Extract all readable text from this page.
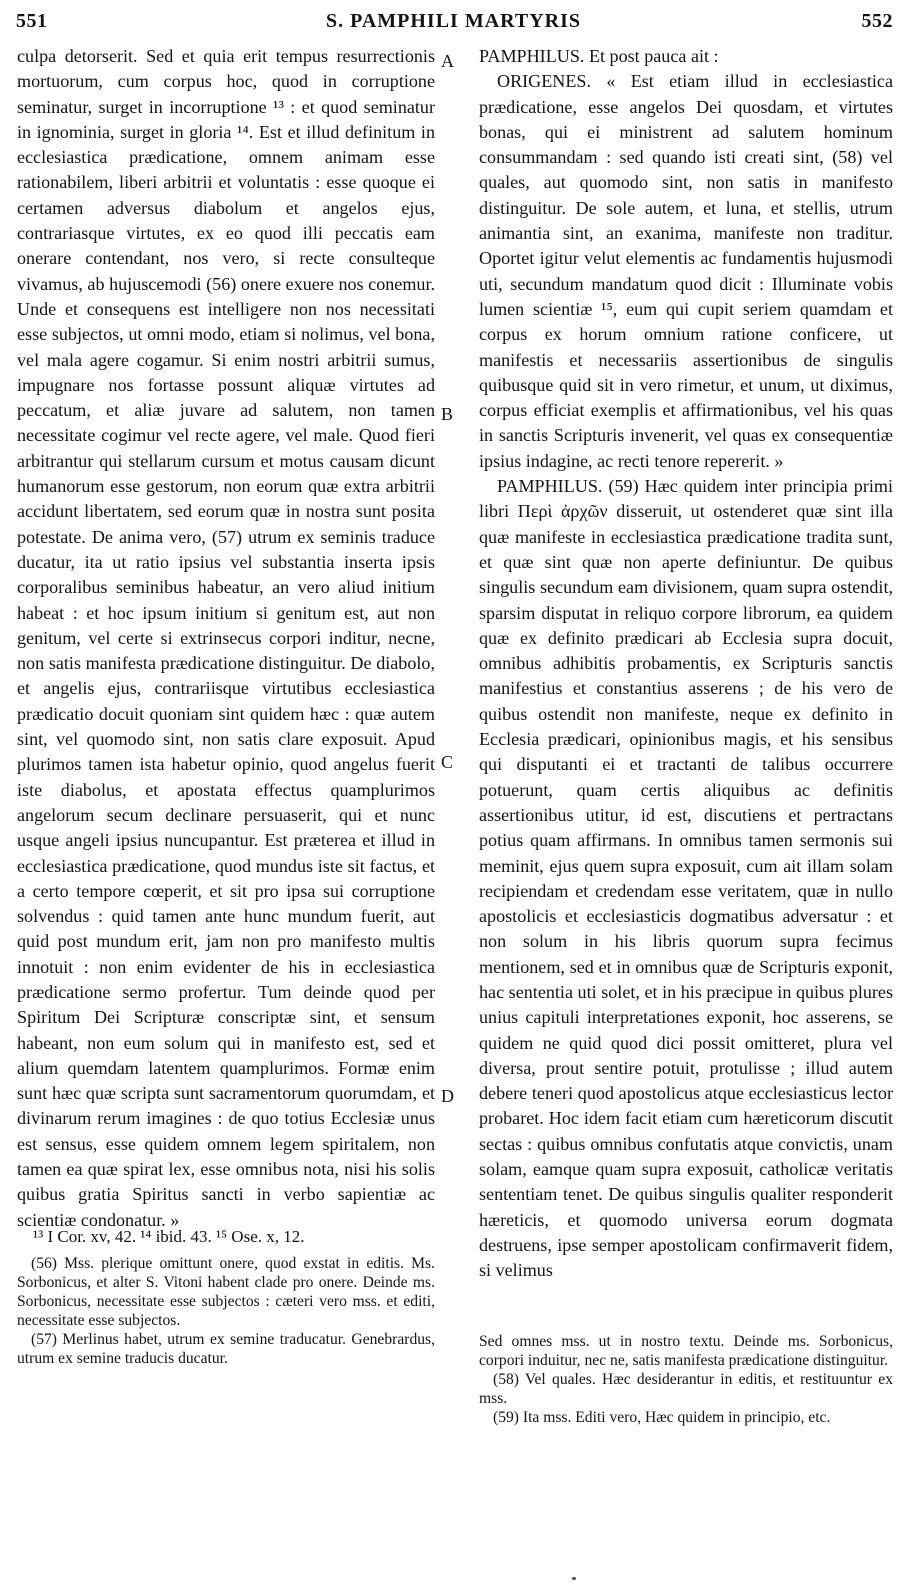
551	S. PAMPHILI MARTYRIS	552

culpa detorserit. Sed et quia erit tempus resurrectionis mortuorum, cum corpus hoc, quod in corruptione seminatur, surget in incorruptione ¹³ : et quod seminatur in ignominia, surget in gloria ¹⁴. Est et illud definitum in ecclesiastica prædicatione, omnem animam esse rationabilem, liberi arbitrii et voluntatis : esse quoque ei certamen adversus diabolum et angelos ejus, contrariasque virtutes, ex eo quod illi peccatis eam onerare contendant, nos vero, si recte consulteque vivamus, ab hujuscemodi (56) onere exuere nos conemur. Unde et consequens est intelligere non nos necessitati esse subjectos, ut omni modo, etiam si nolimus, vel bona, vel mala agere cogamur. Si enim nostri arbitrii sumus, impugnare nos fortasse possunt aliquæ virtutes ad peccatum, et aliæ juvare ad salutem, non tamen necessitate cogimur vel recte agere, vel male. Quod fieri arbitrantur qui stellarum cursum et motus causam dicunt humanorum esse gestorum, non eorum quæ extra arbitrii accidunt libertatem, sed eorum quæ in nostra sunt posita potestate. De anima vero, (57) utrum ex seminis traduce ducatur, ita ut ratio ipsius vel substantia inserta ipsis corporalibus seminibus habeatur, an vero aliud initium habeat : et hoc ipsum initium si genitum est, aut non genitum, vel certe si extrinsecus corpori inditur, necne, non satis manifesta prædicatione distinguitur. De diabolo, et angelis ejus, contrariisque virtutibus ecclesiastica prædicatio docuit quoniam sint quidem hæc : quæ autem sint, vel quomodo sint, non satis clare exposuit. Apud plurimos tamen ista habetur opinio, quod angelus fuerit iste diabolus, et apostata effectus quamplurimos angelorum secum declinare persuaserit, qui et nunc usque angeli ipsius nuncupantur. Est præterea et illud in ecclesiastica prædicatione, quod mundus iste sit factus, et a certo tempore cœperit, et sit pro ipsa sui corruptione solvendus : quid tamen ante hunc mundum fuerit, aut quid post mundum erit, jam non pro manifesto multis innotuit : non enim evidenter de his in ecclesiastica prædicatione sermo profertur. Tum deinde quod per Spiritum Dei Scripturæ conscriptæ sint, et sensum habeant, non eum solum qui in manifesto est, sed et alium quemdam latentem quamplurimos. Formæ enim sunt hæc quæ scripta sunt sacramentorum quorumdam, et divinarum rerum imagines : de quo totius Ecclesiæ unus est sensus, esse quidem omnem legem spiritalem, non tamen ea quæ spirat lex, esse omnibus nota, nisi his solis quibus gratia Spiritus sancti in verbo sapientiæ ac scientiæ condonatur. »

A
B
C
D

PAMPHILUS. Et post pauca ait :

ORIGENES. « Est etiam illud in ecclesiastica prædicatione, esse angelos Dei quosdam, et virtutes bonas, qui ei ministrent ad salutem hominum consummandam : sed quando isti creati sint, (58) vel quales, aut quomodo sint, non satis in manifesto distinguitur. De sole autem, et luna, et stellis, utrum animantia sint, an exanima, manifeste non traditur. Oportet igitur velut elementis ac fundamentis hujusmodi uti, secundum mandatum quod dicit : Illuminate vobis lumen scientiæ ¹⁵, eum qui cupit seriem quamdam et corpus ex horum omnium ratione conficere, ut manifestis et necessariis assertionibus de singulis quibusque quid sit in vero rimetur, et unum, ut diximus, corpus efficiat exemplis et affirmationibus, vel his quas in sanctis Scripturis invenerit, vel quas ex consequentiæ ipsius indagine, ac recti tenore repererit. »

PAMPHILUS. (59) Hæc quidem inter principia primi libri Περὶ ἀρχῶν disseruit, ut ostenderet quæ sint illa quæ manifeste in ecclesiastica prædicatione tradita sunt, et quæ sint quæ non aperte definiuntur. De quibus singulis secundum eam divisionem, quam supra ostendit, sparsim disputat in reliquo corpore librorum, ea quidem quæ ex definito prædicari ab Ecclesia supra docuit, omnibus adhibitis probamentis, ex Scripturis sanctis manifestius et constantius asserens ; de his vero de quibus ostendit non manifeste, neque ex definito in Ecclesia prædicari, opinionibus magis, et his sensibus qui disputanti ei et tractanti de talibus occurrere potuerunt, quam certis aliquibus ac definitis assertionibus utitur, id est, discutiens et pertractans potius quam affirmans. In omnibus tamen sermonis sui meminit, ejus quem supra exposuit, cum ait illam solam recipiendam et credendam esse veritatem, quæ in nullo apostolicis et ecclesiasticis dogmatibus adversatur : et non solum in his libris quorum supra fecimus mentionem, sed et in omnibus quæ de Scripturis exponit, hac sententia uti solet, et in his præcipue in quibus plures unius capituli interpretationes exponit, hoc asserens, se quidem ne quid quod dici possit omitteret, plura vel diversa, prout sentire potuit, protulisse ; illud autem debere teneri quod apostolicus atque ecclesiasticus lector probaret. Hoc idem facit etiam cum hæreticorum discutit sectas : quibus omnibus confutatis atque convictis, unam solam, eamque quam supra exposuit, catholicæ veritatis sententiam tenet. De quibus singulis qualiter responderit hæreticis, et quomodo universa eorum dogmata destruens, ipse semper apostolicam confirmaverit fidem, si velimus

¹³ I Cor. xv, 42. ¹⁴ ibid. 43. ¹⁵ Ose. x, 12.

(56) Mss. plerique omittunt onere, quod exstat in editis. Ms. Sorbonicus, et alter S. Vitoni habent clade pro onere. Deinde ms. Sorbonicus, necessitate esse subjectos : cæteri vero mss. et editi, necessitate esse subjectos.

(57) Merlinus habet, utrum ex semine traducatur. Genebrardus, utrum ex semine traducis ducatur.

Sed omnes mss. ut in nostro textu. Deinde ms. Sorbonicus, corpori induitur, nec ne, satis manifesta prædicatione distinguitur.

(58) Vel quales. Hæc desiderantur in editis, et restituuntur ex mss.

(59) Ita mss. Editi vero, Hæc quidem in principio, etc.
